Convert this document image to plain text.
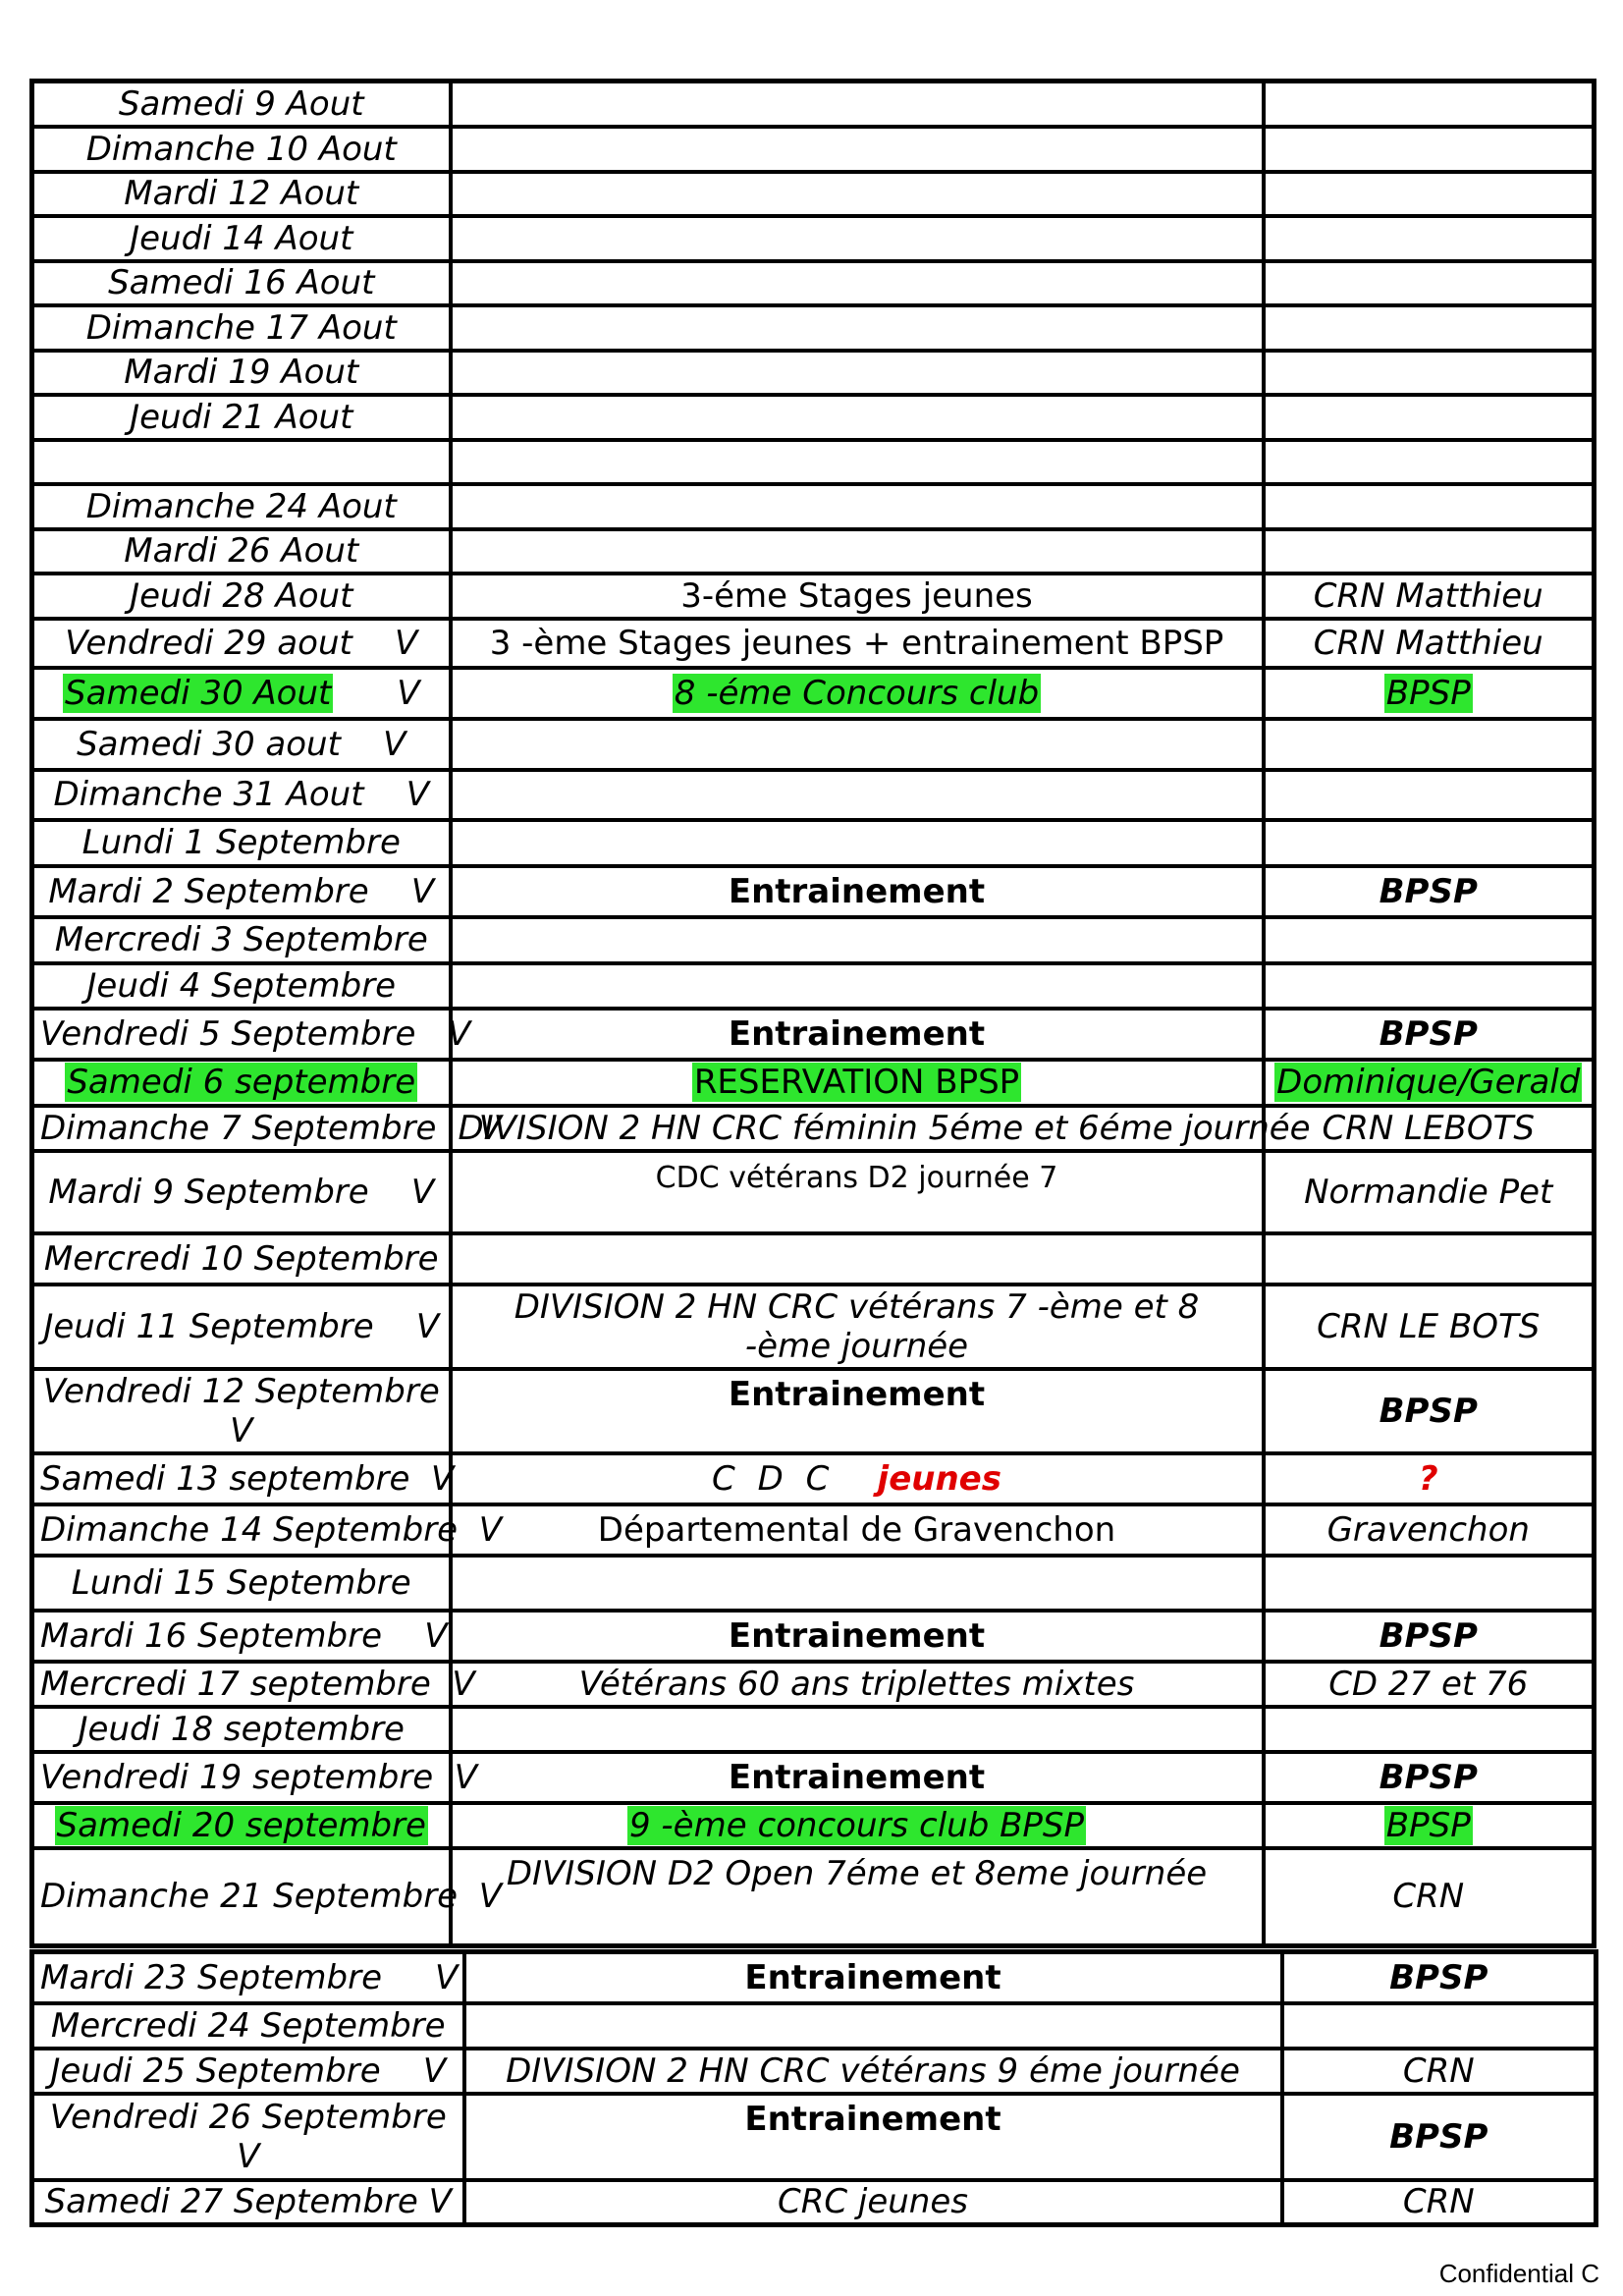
Samedi 9 Aout		
Dimanche 10 Aout		
Mardi 12 Aout		
Jeudi 14 Aout		
Samedi 16 Aout		
Dimanche 17 Aout		
Mardi 19 Aout		
Jeudi 21 Aout		

Dimanche 24 Aout		
Mardi 26 Aout		
Jeudi 28 Aout	3-éme Stages jeunes	CRN Matthieu
Vendredi 29 aout    V	3 -ème Stages jeunes + entrainement BPSP	CRN Matthieu
Samedi 30 Aout V	8 -éme Concours club	BPSP
Samedi 30 aout    V		
Dimanche 31 Aout    V		
Lundi 1 Septembre		
Mardi 2 Septembre    V	Entrainement	BPSP
Mercredi 3 Septembre		
Jeudi 4 Septembre		
Vendredi 5 Septembre   V	Entrainement	BPSP
Samedi 6 septembre	RESERVATION BPSP	Dominique/Gerald
Dimanche 7 Septembre    V	DIVISION 2 HN CRC féminin 5éme et 6éme journée	CRN LEBOTS
Mardi 9 Septembre    V	CDC vétérans D2 journée 7	Normandie Pet
Mercredi 10 Septembre		
Jeudi 11 Septembre    V	DIVISION 2 HN CRC vétérans 7 -ème et 8 -ème journée	CRN LE BOTS
Vendredi 12 Septembre V	Entrainement	BPSP
Samedi 13 septembre  V	C D C jeunes	?
Dimanche 14 Septembre  V	Départemental de Gravenchon	Gravenchon
Lundi 15 Septembre		
Mardi 16 Septembre    V	Entrainement	BPSP
Mercredi 17 septembre  V	Vétérans 60 ans triplettes mixtes	CD 27 et 76
Jeudi 18 septembre		
Vendredi 19 septembre  V	Entrainement	BPSP
Samedi 20 septembre	9 -ème concours club BPSP	BPSP
Dimanche 21 Septembre  V	DIVISION D2 Open 7éme et 8eme journée	CRN
Mardi 23 Septembre     V	Entrainement	BPSP
Mercredi 24 Septembre		
Jeudi 25 Septembre    V	DIVISION 2 HN CRC vétérans 9 éme journée	CRN
Vendredi 26 Septembre V	Entrainement	BPSP
Samedi 27 Septembre V	CRC jeunes	CRN
Confidential C
